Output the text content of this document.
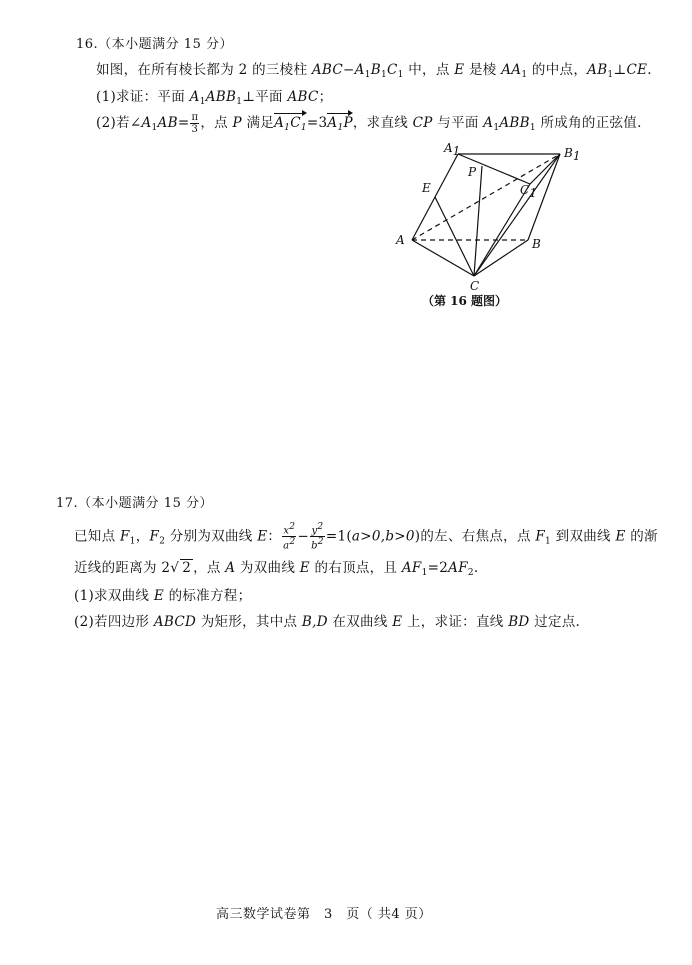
16.（本小题满分 15 分）
如图，在所有棱长都为 2 的三棱柱 $ABC-A_1B_1C_1$ 中，点 E 是棱 $AA_1$ 的中点，$AB_1\perp CE$.
(1)求证：平面 $A_1ABB_1\perp$平面 ABC；
(2)若$\angle A_1AB= \frac{\pi}{3}$ ，点 P 满足$A_1C_1=3A_1P$，求直线 CP 与平面 $A_1ABB_1$ 所成角的正弦值.
A1	B1
C1
P
E
A	B
C
（第 16 题图）
17.（本小题满分 15 分）
已知点 $F_1$，$F_2$ 分别为双曲线 E： $\frac{x^2}{a^2} - \frac{y^2}{b^2} =1(a>0,b>0)$的左、右焦点，点 $F_1$ 到双曲线 E 的渐
近线的距离为 2√ 2 ，点 A 为双曲线 E 的右顶点，且 $AF_1=2AF_2$.
(1)求双曲线 E 的标准方程；
(2)若四边形 ABCD 为矩形，其中点 B,D 在双曲线 E 上，求证：直线 BD 过定点.
高三数学试卷第　3　页（ 共4 页）
